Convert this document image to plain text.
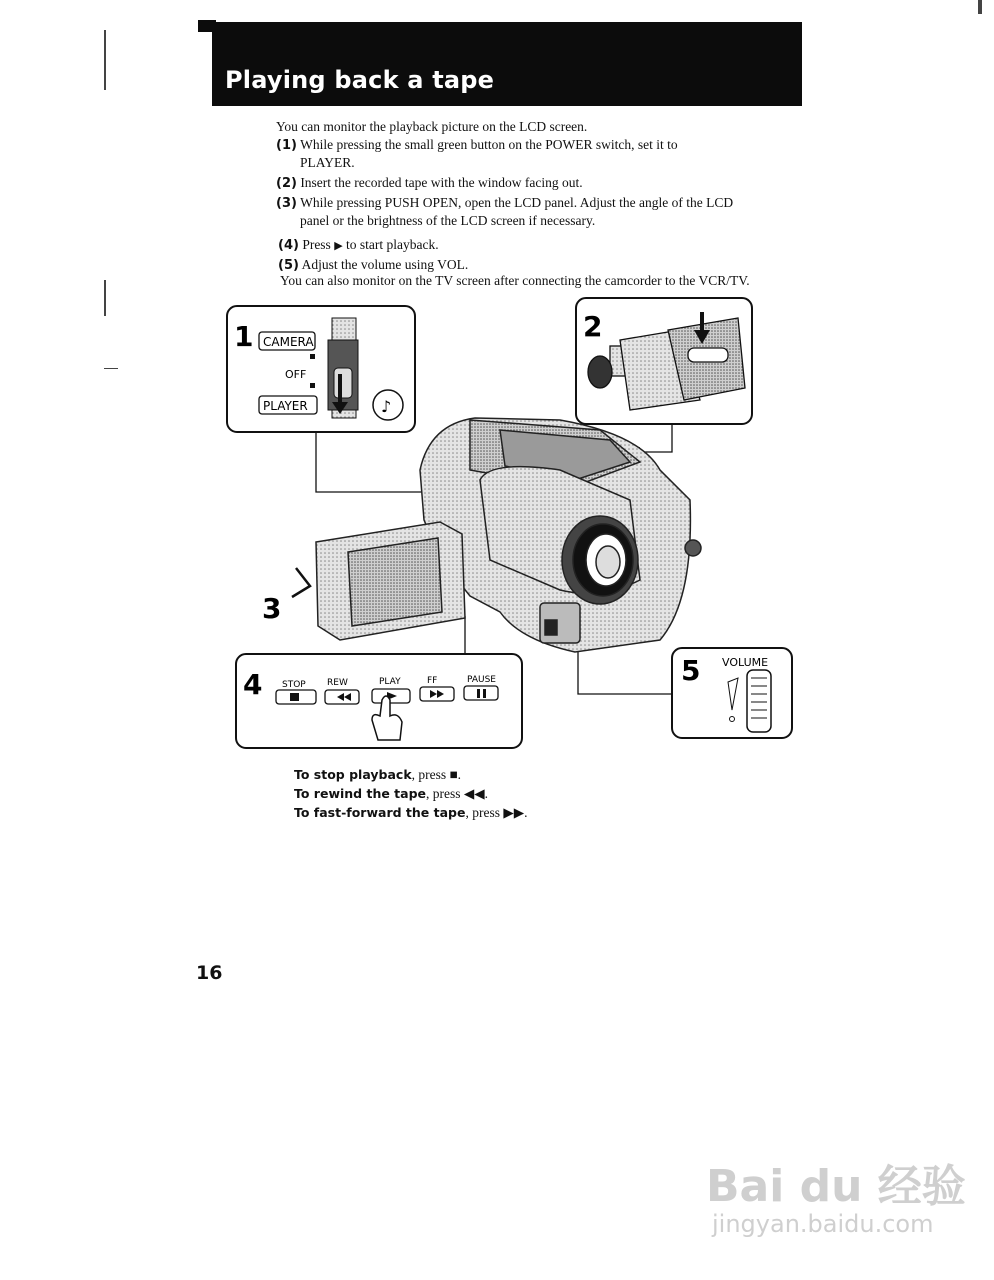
Playing back a tape
You can monitor the playback picture on the LCD screen.
(1) While pressing the small green button on the POWER switch, set it to
PLAYER.
(2) Insert the recorded tape with the window facing out.
(3) While pressing PUSH OPEN, open the LCD panel. Adjust the angle of the LCD
panel or the brightness of the LCD screen if necessary.
(4) Press ▶ to start playback.
(5) Adjust the volume using VOL.
You can also monitor on the TV screen after connecting the camcorder to the VCR/TV.
3
1 CAMERA
OFF
PLAYER	♪
2
4 STOP REW	PLAY	FF	PAUSE	5 VOLUME
To stop playback, press ■.
To rewind the tape, press ◀◀.
To fast-forward the tape, press ▶▶.
16
Bai du 经验
jingyan.baidu.com
